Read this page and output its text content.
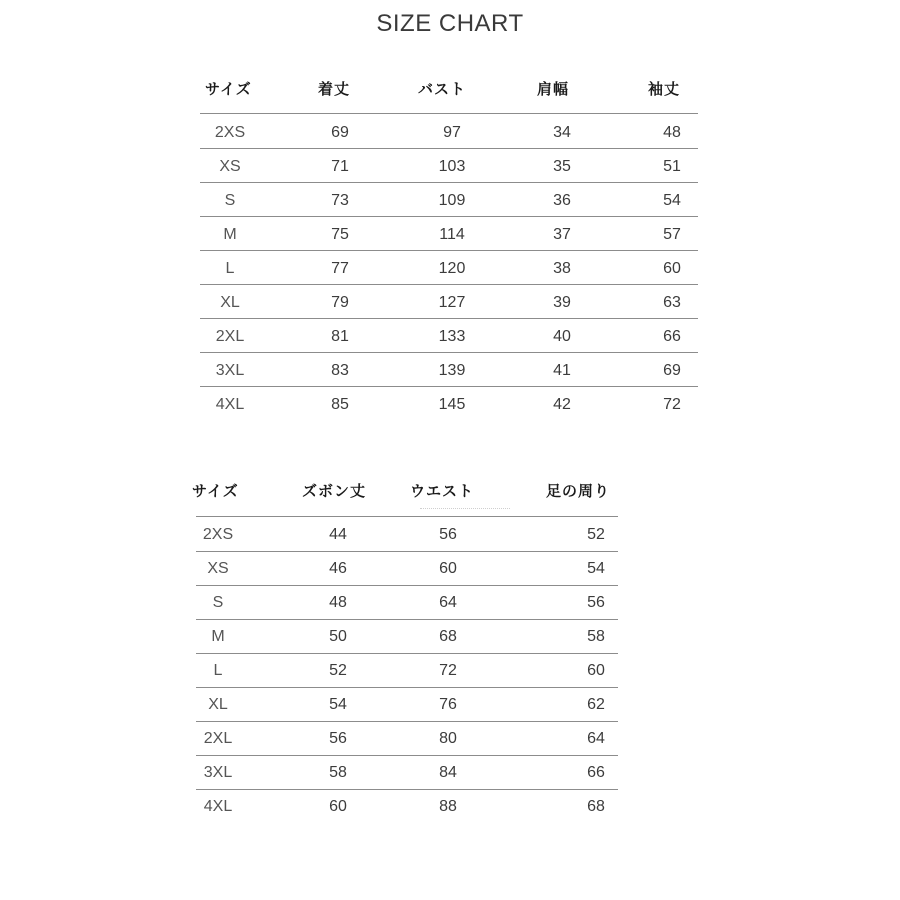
SIZE CHART
サイズ	着丈	バスト	肩幅	袖丈
2XS	69	97	34	48
XS	71	103	35	51
S	73	109	36	54
M	75	114	37	57
L	77	120	38	60
XL	79	127	39	63
2XL	81	133	40	66
3XL	83	139	41	69
4XL	85	145	42	72
サイズ	ズボン丈	ウエスト	足の周り
2XS	44	56	52
XS	46	60	54
S	48	64	56
M	50	68	58
L	52	72	60
XL	54	76	62
2XL	56	80	64
3XL	58	84	66
4XL	60	88	68
